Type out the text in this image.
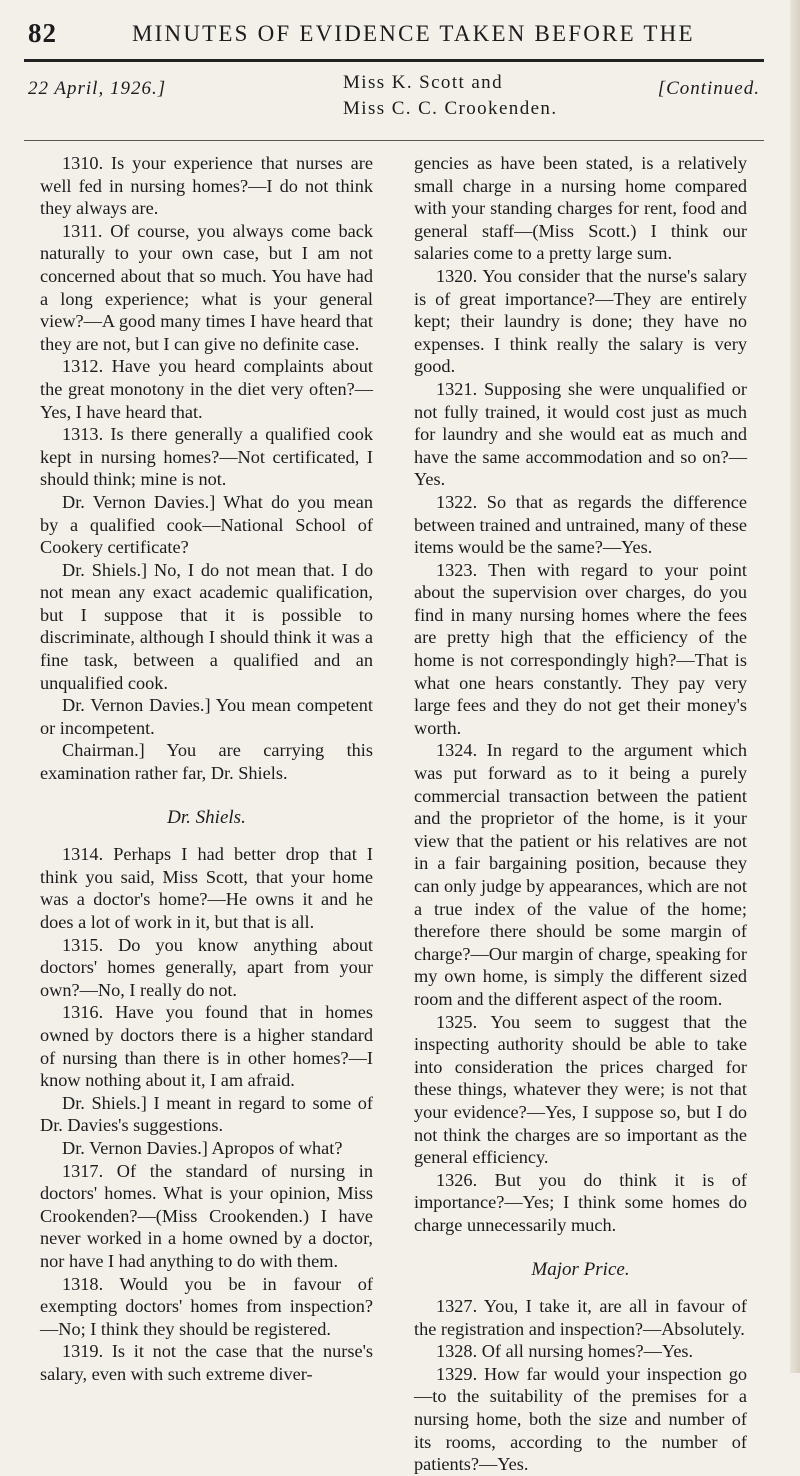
82	MINUTES OF EVIDENCE TAKEN BEFORE THE
22 April, 1926.]	Miss K. Scott and
Miss C. C. Crookenden.
[Continued.

1310. Is your experience that nurses are well fed in nursing homes?—I do not think they always are.

1311. Of course, you always come back naturally to your own case, but I am not concerned about that so much. You have had a long experience; what is your general view?—A good many times I have heard that they are not, but I can give no definite case.

1312. Have you heard complaints about the great monotony in the diet very often?—Yes, I have heard that.

1313. Is there generally a qualified cook kept in nursing homes?—Not certificated, I should think; mine is not.

Dr. Vernon Davies.] What do you mean by a qualified cook—National School of Cookery certificate?

Dr. Shiels.] No, I do not mean that. I do not mean any exact academic qualification, but I suppose that it is possible to discriminate, although I should think it was a fine task, between a qualified and an unqualified cook.

Dr. Vernon Davies.] You mean competent or incompetent.

Chairman.] You are carrying this examination rather far, Dr. Shiels.

Dr. Shiels.

1314. Perhaps I had better drop that I think you said, Miss Scott, that your home was a doctor's home?—He owns it and he does a lot of work in it, but that is all.

1315. Do you know anything about doctors' homes generally, apart from your own?—No, I really do not.

1316. Have you found that in homes owned by doctors there is a higher standard of nursing than there is in other homes?—I know nothing about it, I am afraid.

Dr. Shiels.] I meant in regard to some of Dr. Davies's suggestions.

Dr. Vernon Davies.] Apropos of what?

1317. Of the standard of nursing in doctors' homes. What is your opinion, Miss Crookenden?—(Miss Crookenden.) I have never worked in a home owned by a doctor, nor have I had anything to do with them.

1318. Would you be in favour of exempting doctors' homes from inspection?—No; I think they should be registered.

1319. Is it not the case that the nurse's salary, even with such extreme diver-

gencies as have been stated, is a relatively small charge in a nursing home compared with your standing charges for rent, food and general staff—(Miss Scott.) I think our salaries come to a pretty large sum.

1320. You consider that the nurse's salary is of great importance?—They are entirely kept; their laundry is done; they have no expenses. I think really the salary is very good.

1321. Supposing she were unqualified or not fully trained, it would cost just as much for laundry and she would eat as much and have the same accommodation and so on?—Yes.

1322. So that as regards the difference between trained and untrained, many of these items would be the same?—Yes.

1323. Then with regard to your point about the supervision over charges, do you find in many nursing homes where the fees are pretty high that the efficiency of the home is not correspondingly high?—That is what one hears constantly. They pay very large fees and they do not get their money's worth.

1324. In regard to the argument which was put forward as to it being a purely commercial transaction between the patient and the proprietor of the home, is it your view that the patient or his relatives are not in a fair bargaining position, because they can only judge by appearances, which are not a true index of the value of the home; therefore there should be some margin of charge?—Our margin of charge, speaking for my own home, is simply the different sized room and the different aspect of the room.

1325. You seem to suggest that the inspecting authority should be able to take into consideration the prices charged for these things, whatever they were; is not that your evidence?—Yes, I suppose so, but I do not think the charges are so important as the general efficiency.

1326. But you do think it is of importance?—Yes; I think some homes do charge unnecessarily much.

Major Price.

1327. You, I take it, are all in favour of the registration and inspection?—Absolutely.

1328. Of all nursing homes?—Yes.

1329. How far would your inspection go—to the suitability of the premises for a nursing home, both the size and number of its rooms, according to the number of patients?—Yes.
